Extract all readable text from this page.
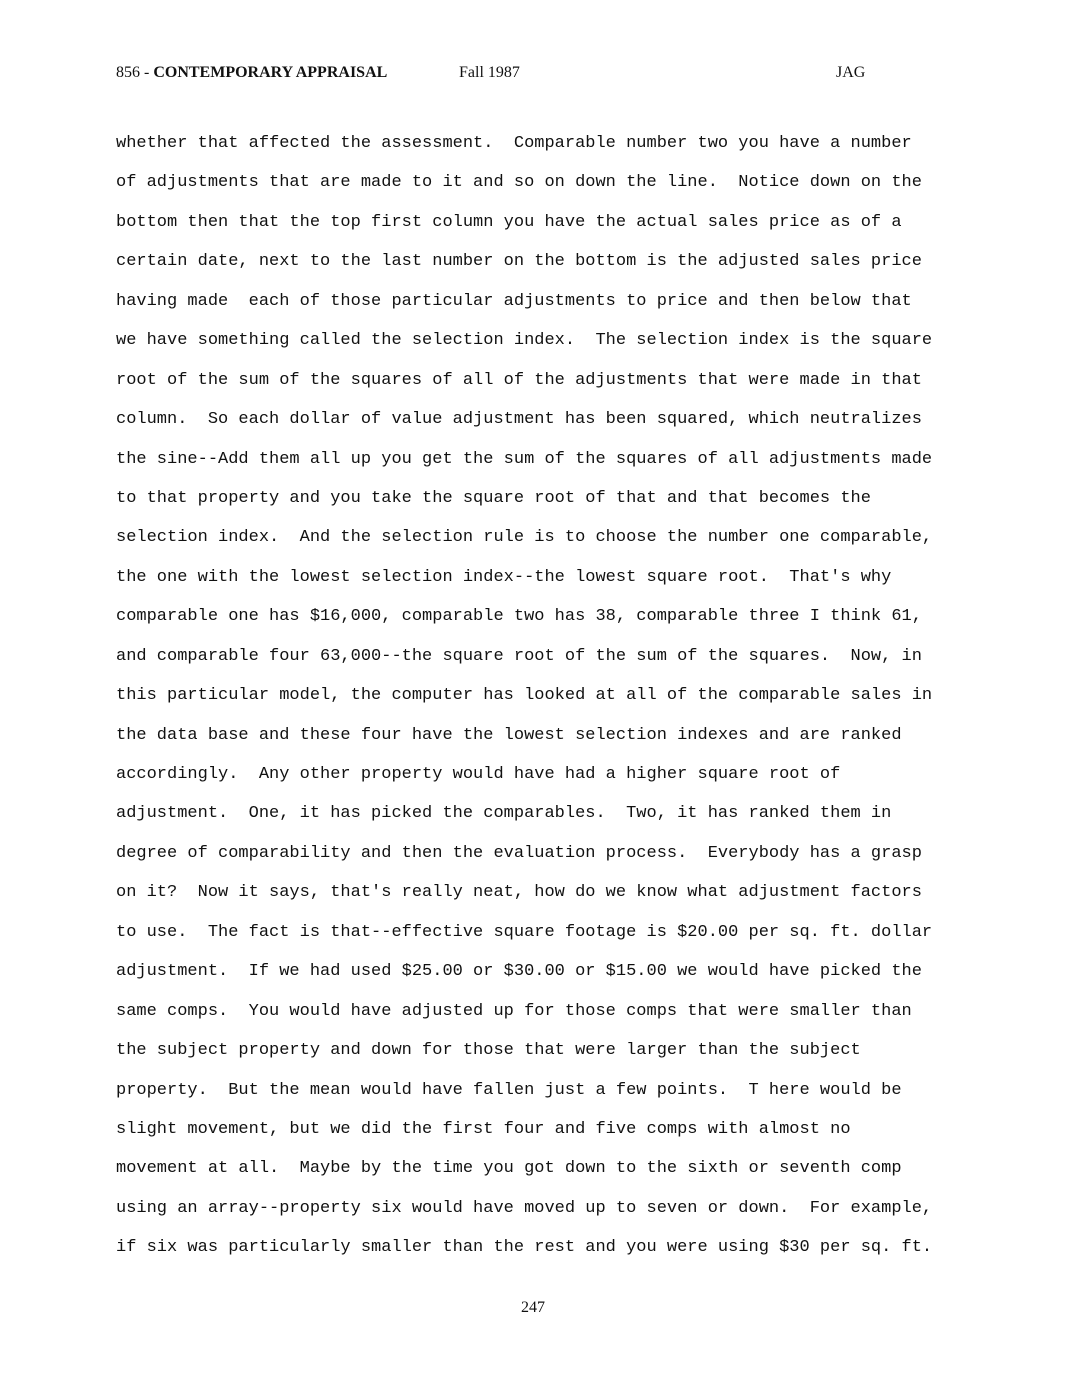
856 - CONTEMPORARY APPRAISAL	Fall 1987	JAG
whether that affected the assessment.  Comparable number two you have a number
of adjustments that are made to it and so on down the line.  Notice down on the
bottom then that the top first column you have the actual sales price as of a
certain date, next to the last number on the bottom is the adjusted sales price
having made  each of those particular adjustments to price and then below that
we have something called the selection index.  The selection index is the square
root of the sum of the squares of all of the adjustments that were made in that
column.  So each dollar of value adjustment has been squared, which neutralizes
the sine--Add them all up you get the sum of the squares of all adjustments made
to that property and you take the square root of that and that becomes the
selection index.  And the selection rule is to choose the number one comparable,
the one with the lowest selection index--the lowest square root.  That's why
comparable one has $16,000, comparable two has 38, comparable three I think 61,
and comparable four 63,000--the square root of the sum of the squares.  Now, in
this particular model, the computer has looked at all of the comparable sales in
the data base and these four have the lowest selection indexes and are ranked
accordingly.  Any other property would have had a higher square root of
adjustment.  One, it has picked the comparables.  Two, it has ranked them in
degree of comparability and then the evaluation process.  Everybody has a grasp
on it?  Now it says, that's really neat, how do we know what adjustment factors
to use.  The fact is that--effective square footage is $20.00 per sq. ft. dollar
adjustment.  If we had used $25.00 or $30.00 or $15.00 we would have picked the
same comps.  You would have adjusted up for those comps that were smaller than
the subject property and down for those that were larger than the subject
property.  But the mean would have fallen just a few points.  T here would be
slight movement, but we did the first four and five comps with almost no
movement at all.  Maybe by the time you got down to the sixth or seventh comp
using an array--property six would have moved up to seven or down.  For example,
if six was particularly smaller than the rest and you were using $30 per sq. ft.
247
